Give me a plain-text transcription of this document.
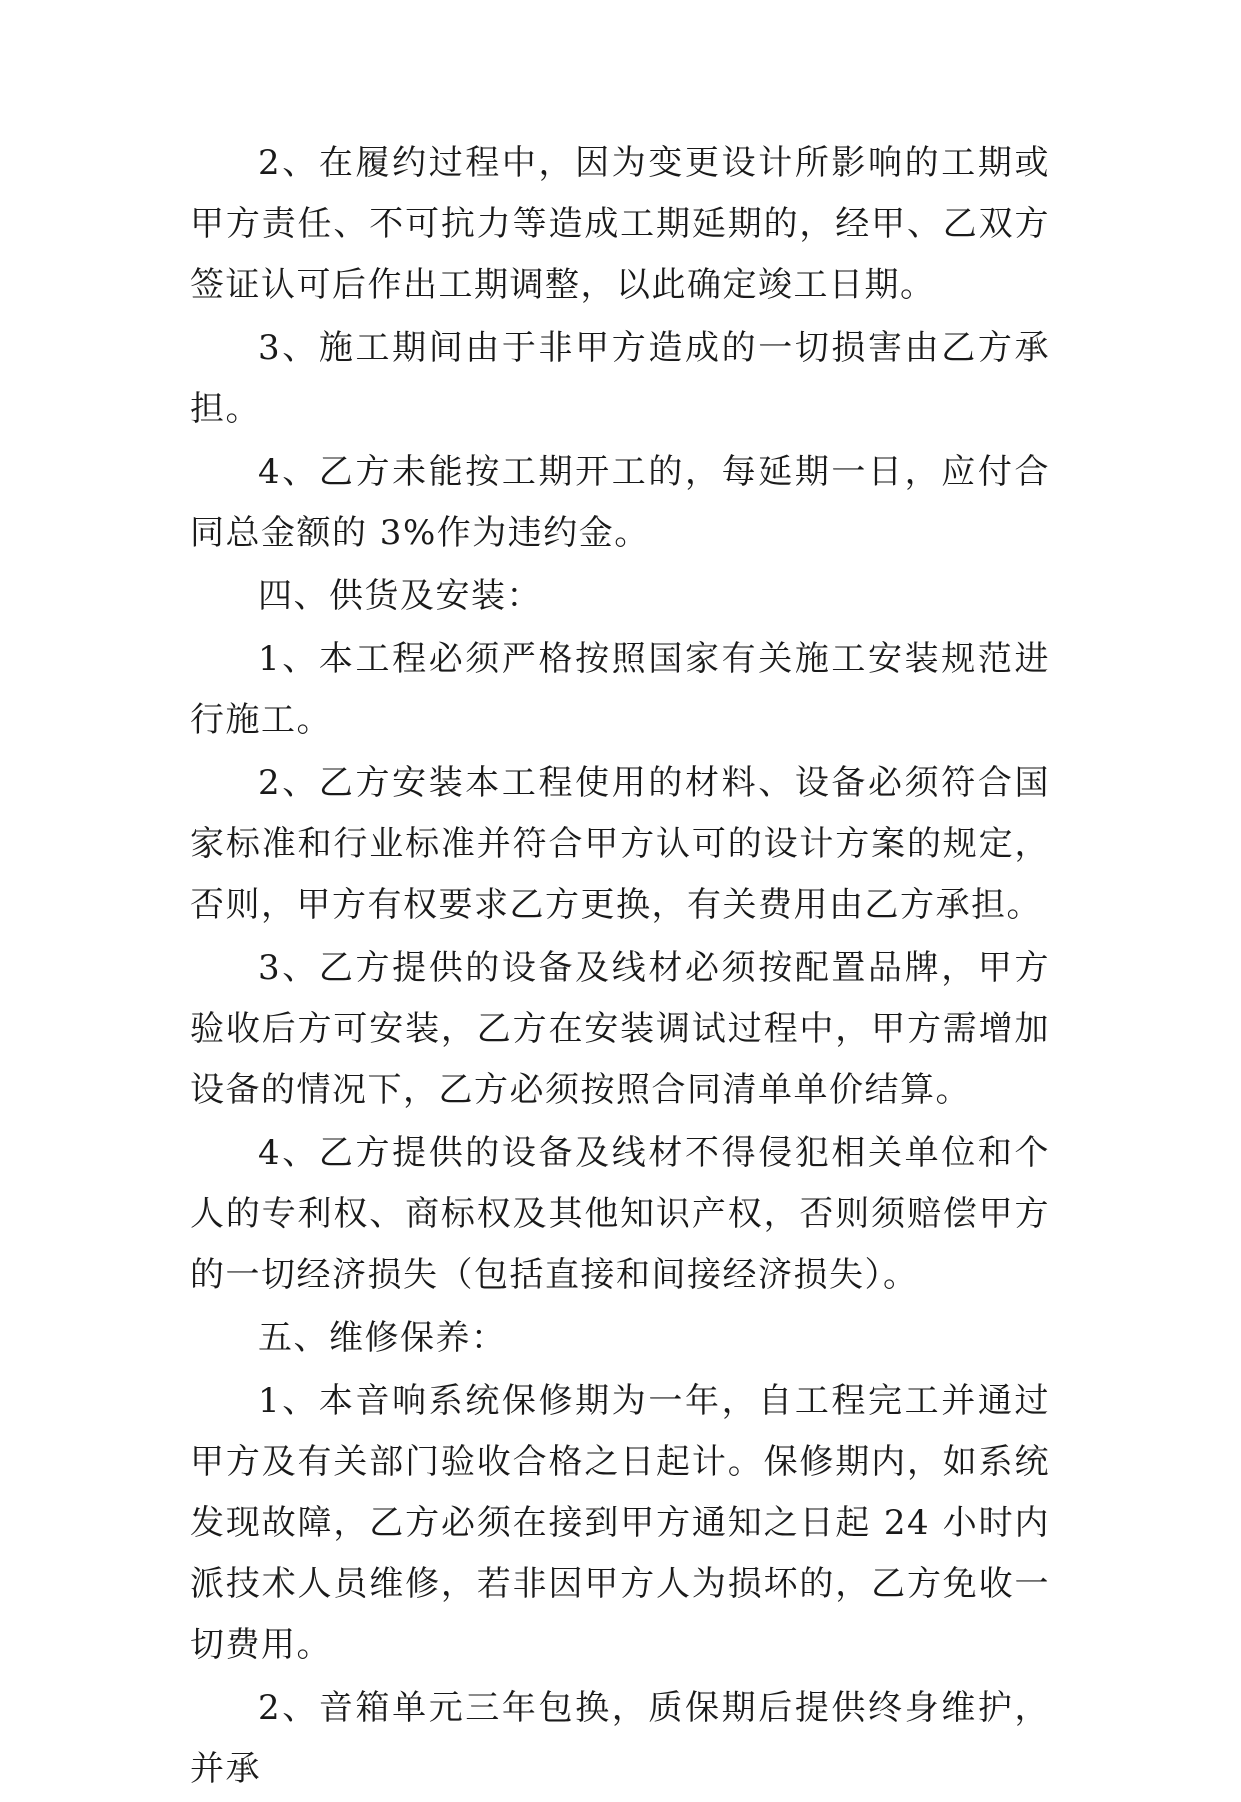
2、在履约过程中，因为变更设计所影响的工期或甲方责任、不可抗力等造成工期延期的，经甲、乙双方签证认可后作出工期调整，以此确定竣工日期。

3、施工期间由于非甲方造成的一切损害由乙方承担。

4、乙方未能按工期开工的，每延期一日，应付合同总金额的 3%作为违约金。

四、供货及安装：

1、本工程必须严格按照国家有关施工安装规范进行施工。

2、乙方安装本工程使用的材料、设备必须符合国家标准和行业标准并符合甲方认可的设计方案的规定，否则，甲方有权要求乙方更换，有关费用由乙方承担。

3、乙方提供的设备及线材必须按配置品牌，甲方验收后方可安装，乙方在安装调试过程中，甲方需增加设备的情况下，乙方必须按照合同清单单价结算。

4、乙方提供的设备及线材不得侵犯相关单位和个人的专利权、商标权及其他知识产权，否则须赔偿甲方的一切经济损失（包括直接和间接经济损失）。

五、维修保养：

1、本音响系统保修期为一年，自工程完工并通过甲方及有关部门验收合格之日起计。保修期内，如系统发现故障，乙方必须在接到甲方通知之日起 24 小时内派技术人员维修，若非因甲方人为损坏的，乙方免收一切费用。

2、音箱单元三年包换，质保期后提供终身维护，并承
